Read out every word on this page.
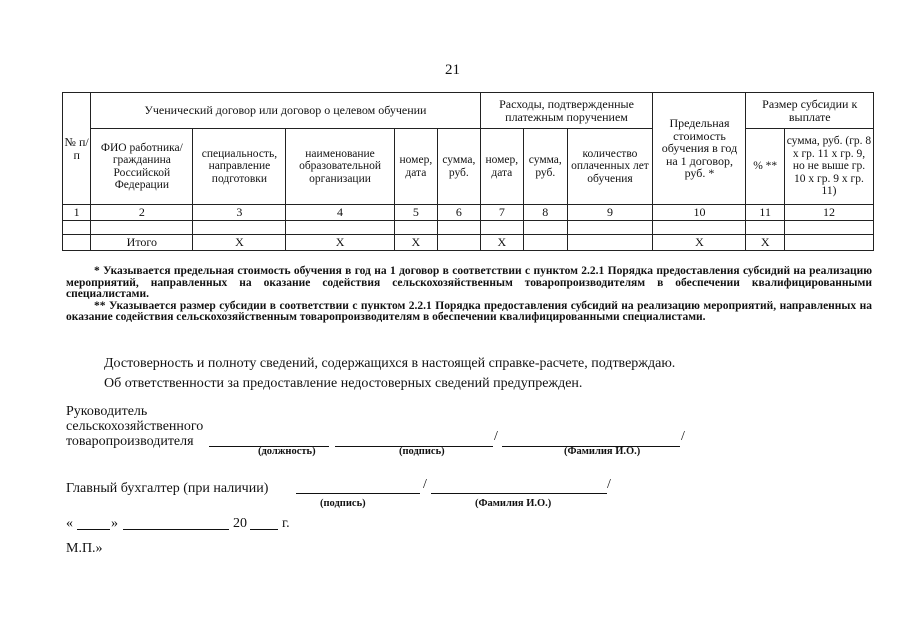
21
№ п/п	Ученический договор или договор о целевом обучении					Расходы, подтвержденные платежным поручением			Предельная стоимость обучения в год на 1 договор, руб. *	Размер субсидии к выплате	
	ФИО работника/ гражданина Российской Федерации	специальность, направление подготовки	наименование образовательной организации	номер, дата	сумма, руб.	номер, дата	сумма, руб.	количество оплаченных лет обучения		% **	сумма, руб. (гр. 8 х гр. 11 х гр. 9, но не выше гр. 10 х гр. 9 х гр. 11)
1	2	3	4	5	6	7	8	9	10	11	12

	Итого	X	X	X		X			X	X	

* Указывается предельная стоимость обучения в год на 1 договор в соответствии с пунктом 2.2.1 Порядка предоставления субсидий на реализацию мероприятий, направленных на оказание содействия сельскохозяйственным товаропроизводителям в обеспечении квалифицированными специалистами.

** Указывается размер субсидии в соответствии с пунктом 2.2.1 Порядка предоставления субсидий на реализацию мероприятий, направленных на оказание содействия сельскохозяйственным товаропроизводителям в обеспечении квалифицированными специалистами.

Достоверность и полноту сведений, содержащихся в настоящей справке-расчете, подтверждаю.
Об ответственности за предоставление недостоверных сведений предупрежден.
Руководитель
сельскохозяйственного
товаропроизводителя	/	/
(должность)	(подпись)	(Фамилия И.О.)
Главный бухгалтер (при наличии)	/	/
(подпись)	(Фамилия И.О.)
«	»	20	г.
М.П.»
